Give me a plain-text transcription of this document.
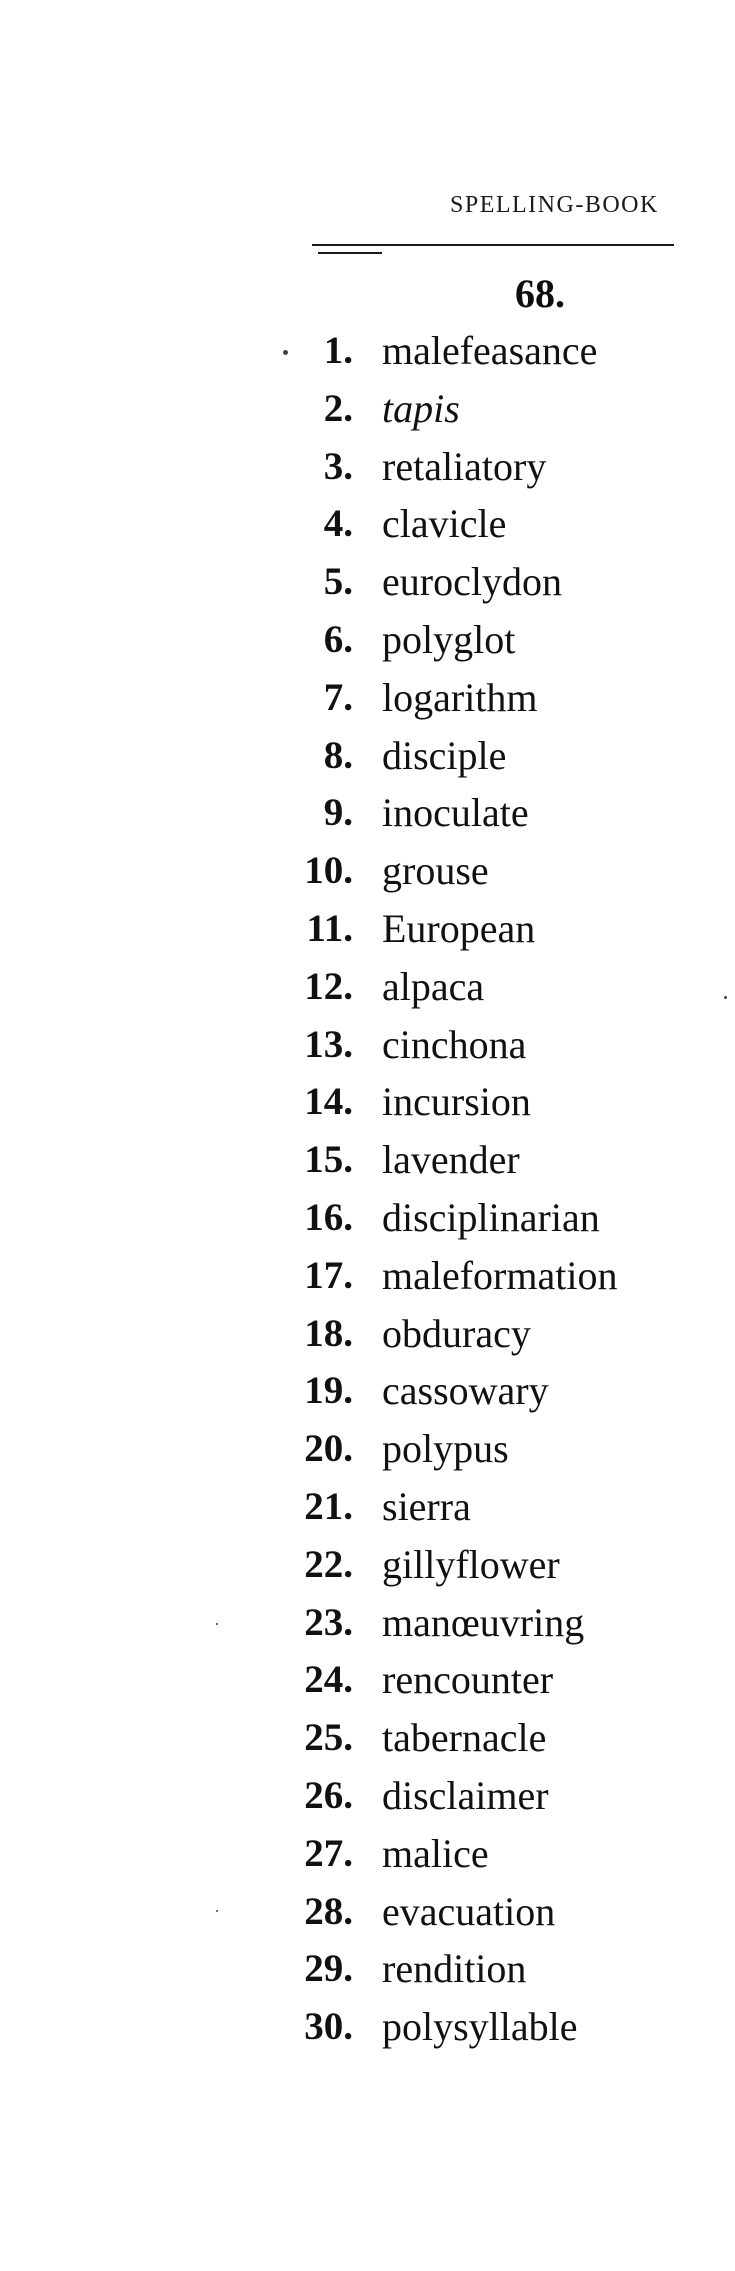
SPELLING-BOOK
68.
1. malefeasance
2. tapis
3. retaliatory
4. clavicle
5. euroclydon
6. polyglot
7. logarithm
8. disciple
9. inoculate
10. grouse
11. European
12. alpaca
13. cinchona
14. incursion
15. lavender
16. disciplinarian
17. maleformation
18. obduracy
19. cassowary
20. polypus
21. sierra
22. gillyflower
23. manœuvring
24. rencounter
25. tabernacle
26. disclaimer
27. malice
28. evacuation
29. rendition
30. polysyllable
